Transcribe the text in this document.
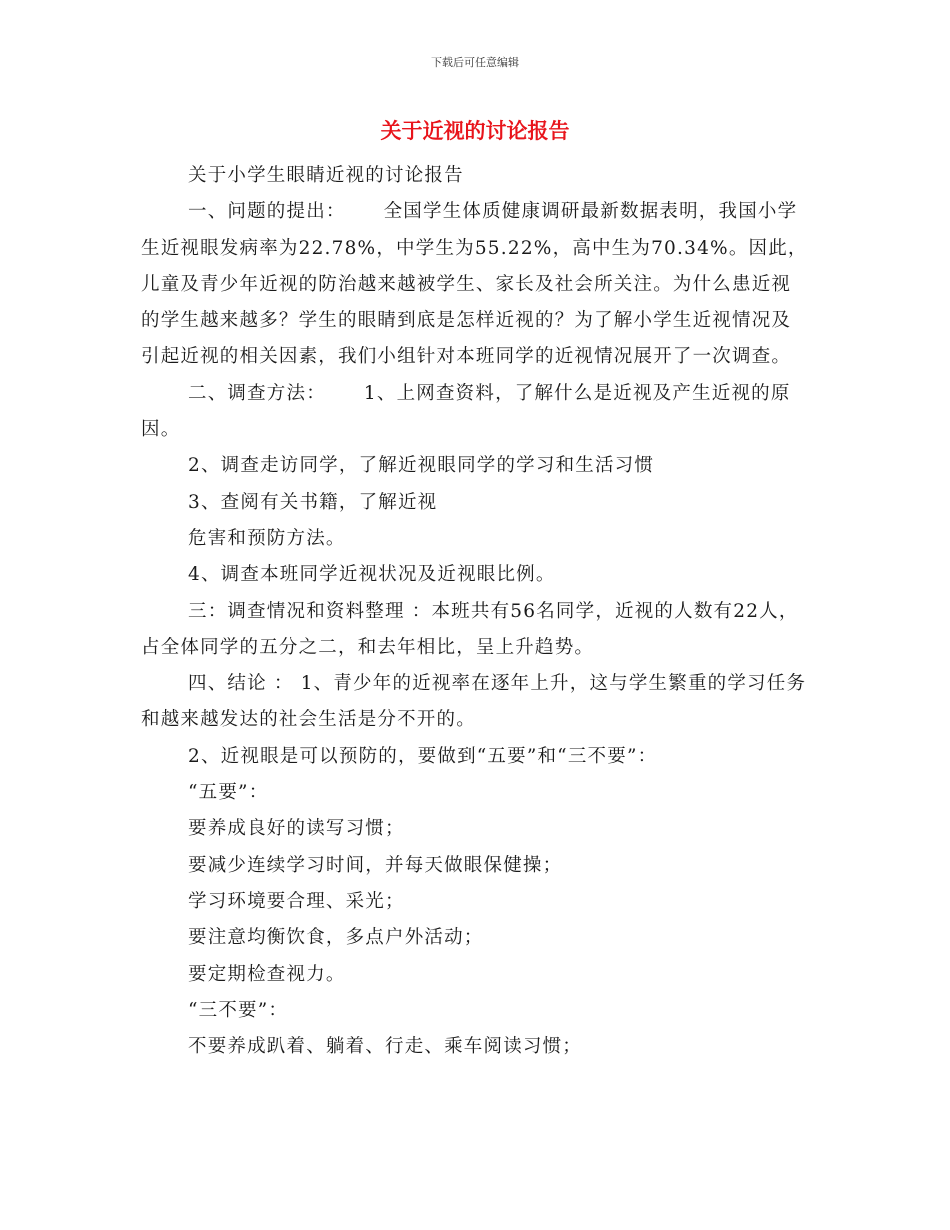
下载后可任意编辑
关于近视的讨论报告

关于小学生眼睛近视的讨论报告

一、问题的提出： 全国学生体质健康调研最新数据表明，我国小学生近视眼发病率为22.78%，中学生为55.22%，高中生为70.34%。因此，儿童及青少年近视的防治越来越被学生、家长及社会所关注。为什么患近视的学生越来越多？学生的眼睛到底是怎样近视的？为了解小学生近视情况及引起近视的相关因素，我们小组针对本班同学的近视情况展开了一次调查。

二、调查方法： 1、上网查资料，了解什么是近视及产生近视的原因。

2、调查走访同学，了解近视眼同学的学习和生活习惯

3、查阅有关书籍，了解近视

危害和预防方法。

4、调查本班同学近视状况及近视眼比例。

三：调查情况和资料整理 ：本班共有56名同学，近视的人数有22人，占全体同学的五分之二，和去年相比，呈上升趋势。

四、结论 ： 1、青少年的近视率在逐年上升，这与学生繁重的学习任务和越来越发达的社会生活是分不开的。

2、近视眼是可以预防的，要做到“五要”和“三不要”：

“五要”：

要养成良好的读写习惯；

要减少连续学习时间，并每天做眼保健操；

学习环境要合理、采光；

要注意均衡饮食，多点户外活动；

要定期检查视力。

“三不要”：

不要养成趴着、躺着、行走、乘车阅读习惯；
